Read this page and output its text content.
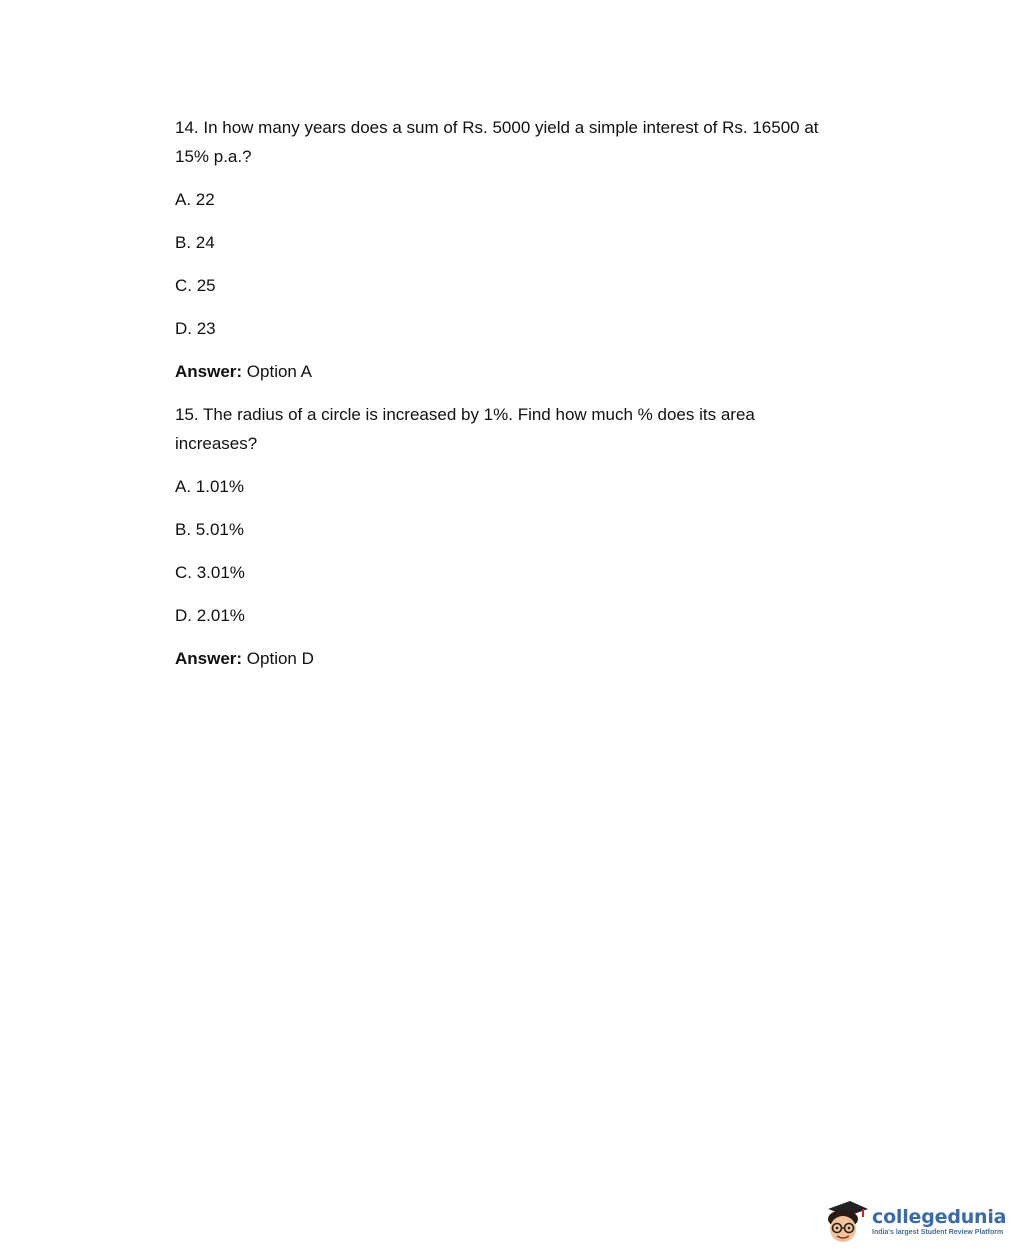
14. In how many years does a sum of Rs. 5000 yield a simple interest of Rs. 16500 at 15% p.a.?

A. 22

B. 24

C. 25

D. 23

Answer: Option A

15. The radius of a circle is increased by 1%. Find how much % does its area increases?

A. 1.01%

B. 5.01%

C. 3.01%

D. 2.01%

Answer: Option D

collegedunia
India's largest Student Review Platform
